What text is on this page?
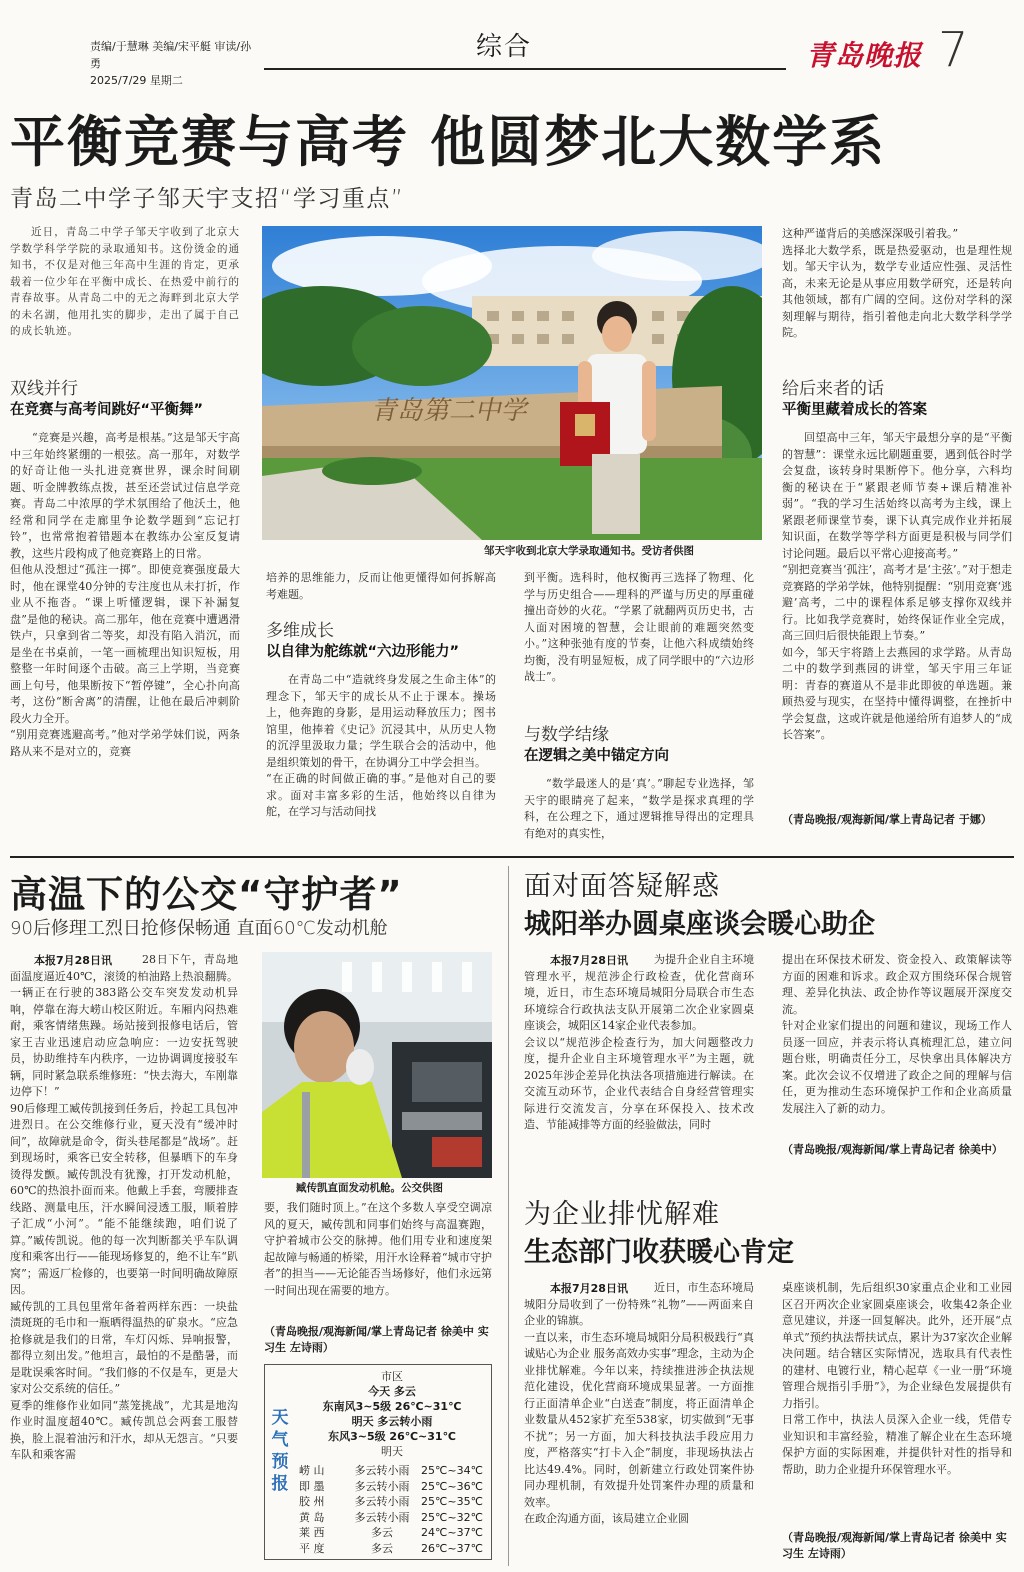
责编/于慧琳 美编/宋平艇 审读/孙勇
2025/7/29 星期二
综合	青岛晚报 7
平衡竞赛与高考 他圆梦北大数学系
青岛二中学子邹天宇支招“学习重点”
近日，青岛二中学子邹天宇收到了北京大学数学科学学院的录取通知书。这份烫金的通知书，不仅是对他三年高中生涯的肯定，更承载着一位少年在平衡中成长、在热爱中前行的青春故事。从青岛二中的无之海畔到北京大学的未名湖，他用扎实的脚步，走出了属于自己的成长轨迹。
双线并行
在竞赛与高考间跳好“平衡舞”
“竞赛是兴趣，高考是根基。”这是邹天宇高中三年始终紧绷的一根弦。高一那年，对数学的好奇让他一头扎进竞赛世界，课余时间刷题、听金牌教练点拨，甚至还尝试过信息学竞赛。青岛二中浓厚的学术氛围给了他沃土，他经常和同学在走廊里争论数学题到“忘记打铃”，也常常抱着错题本在教练办公室反复请教，这些片段构成了他竞赛路上的日常。
但他从没想过“孤注一掷”。即使竞赛强度最大时，他在课堂40分钟的专注度也从未打折，作业从不拖沓。“课上听懂逻辑，课下补漏复盘”是他的秘诀。高二那年，他在竞赛中遭遇滑铁卢，只拿到省二等奖，却没有陷入消沉，而是坐在书桌前，一笔一画梳理出知识短板，用整整一年时间逐个击破。高三上学期，当竞赛画上句号，他果断按下“暂停键”，全心扑向高考，这份“断舍离”的清醒，让他在最后冲刺阶段火力全开。
“别用竞赛逃避高考。”他对学弟学妹们说，两条路从来不是对立的，竞赛
青岛第二中学
邹天宇收到北京大学录取通知书。受访者供图
培养的思维能力，反而让他更懂得如何拆解高考难题。
多维成长
以自律为舵练就“六边形能力”
在青岛二中“造就终身发展之生命主体”的理念下，邹天宇的成长从不止于课本。操场上，他奔跑的身影，是用运动释放压力；图书馆里，他捧着《史记》沉浸其中，从历史人物的沉浮里汲取力量；学生联合会的活动中，他是组织策划的骨干，在协调分工中学会担当。
“在正确的时间做正确的事。”是他对自己的要求。面对丰富多彩的生活，他始终以自律为舵，在学习与活动间找
到平衡。选科时，他权衡再三选择了物理、化学与历史组合——理科的严谨与历史的厚重碰撞出奇妙的火花。“学累了就翻两页历史书，古人面对困境的智慧，会让眼前的难题突然变小。”这种张弛有度的节奏，让他六科成绩始终均衡，没有明显短板，成了同学眼中的“六边形战士”。
与数学结缘
在逻辑之美中锚定方向
“数学最迷人的是‘真’。”聊起专业选择，邹天宇的眼睛亮了起来，“数学是探求真理的学科，在公理之下，通过逻辑推导得出的定理具有绝对的真实性，
这种严谨背后的美感深深吸引着我。”
选择北大数学系，既是热爱驱动，也是理性规划。邹天宇认为，数学专业适应性强、灵活性高，未来无论是从事应用数学研究，还是转向其他领域，都有广阔的空间。这份对学科的深刻理解与期待，指引着他走向北大数学科学学院。
给后来者的话
平衡里藏着成长的答案
回望高中三年，邹天宇最想分享的是“平衡的智慧”：课堂永远比刷题重要，遇到低谷时学会复盘，该转身时果断停下。他分享，六科均衡的秘诀在于“紧跟老师节奏+课后精准补弱”。“我的学习生活始终以高考为主线，课上紧跟老师课堂节奏，课下认真完成作业并拓展知识面，在数学等学科方面更是积极与同学们讨论问题。最后以平常心迎接高考。”
“别把竞赛当‘孤注’，高考才是‘主弦’。”对于想走竞赛路的学弟学妹，他特别提醒：“别用竞赛‘逃避’高考，二中的课程体系足够支撑你双线并行。比如我学竞赛时，始终保证作业全完成，高三回归后很快能跟上节奏。”
如今，邹天宇将踏上去燕园的求学路。从青岛二中的数学到燕园的讲堂，邹天宇用三年证明：青春的赛道从不是非此即彼的单选题。兼顾热爱与现实，在坚持中懂得调整，在挫折中学会复盘，这或许就是他递给所有追梦人的“成长答案”。
（青岛晚报/观海新闻/掌上青岛记者 于娜）
高温下的公交“守护者”
90后修理工烈日抢修保畅通 直面60℃发动机舱
本报7月28日讯	28日下午，青岛地面温度逼近40℃，滚烫的柏油路上热浪翻腾。一辆正在行驶的383路公交车突发发动机异响，停靠在海大崂山校区附近。车厢内闷热难耐，乘客情绪焦躁。场站接到报修电话后，管家王吉业迅速启动应急响应：一边安抚驾驶员，协助维持车内秩序，一边协调调度接驳车辆，同时紧急联系维修班：“快去海大，车刚靠边停下！”
90后修理工臧传凯接到任务后，拎起工具包冲进烈日。在公交维修行业，夏天没有“缓冲时间”，故障就是命令，街头巷尾都是“战场”。赶到现场时，乘客已安全转移，但暴晒下的车身烫得发颤。臧传凯没有犹豫，打开发动机舱，60℃的热浪扑面而来。他戴上手套，弯腰排查线路、测量电压，汗水瞬间浸透工服，顺着脖子汇成“小河”。“能不能继续跑，咱们说了算。”臧传凯说。他的每一次判断都关乎车队调度和乘客出行——能现场修复的，绝不让车“趴窝”；需返厂检修的，也要第一时间明确故障原因。
臧传凯的工具包里常年备着两样东西：一块盐渍斑斑的毛巾和一瓶晒得温热的矿泉水。“应急抢修就是我们的日常，车灯闪烁、异响报警，都得立刻出发。”他坦言，最怕的不是酷暑，而是耽误乘客时间。“我们修的不仅是车，更是大家对公交系统的信任。”
夏季的维修作业如同“蒸笼挑战”，尤其是地沟作业时温度超40℃。臧传凯总会两套工服替换，脸上混着油污和汗水，却从无怨言。“只要车队和乘客需
臧传凯直面发动机舱。公交供图
要，我们随时顶上。”在这个多数人享受空调凉风的夏天，臧传凯和同事们始终与高温赛跑，守护着城市公交的脉搏。他们用专业和速度架起故障与畅通的桥梁，用汗水诠释着“城市守护者”的担当——无论能否当场修好，他们永远第一时间出现在需要的地方。
（青岛晚报/观海新闻/掌上青岛记者 徐美中 实习生 左诗雨）
天气预报
市区
今天 多云
东南风3~5级 26℃~31℃
明天 多云转小雨
东风3~5级 26℃~31℃
明天
崂 山	多云转小雨 25℃~34℃
即 墨	多云转小雨 25℃~36℃
胶 州	多云转小雨 25℃~35℃
黄 岛	多云转小雨 25℃~32℃
莱 西	多云	24℃~37℃
平 度	多云	26℃~37℃
面对面答疑解惑
城阳举办圆桌座谈会暖心助企
本报7月28日讯	为提升企业自主环境管理水平，规范涉企行政检查，优化营商环境，近日，市生态环境局城阳分局联合市生态环境综合行政执法支队开展第二次企业家圆桌座谈会，城阳区14家企业代表参加。
会议以“规范涉企检查行为，加大问题整改力度，提升企业自主环境管理水平”为主题，就2025年涉企差异化执法各项措施进行解读。在交流互动环节，企业代表结合自身经营管理实际进行交流发言，分享在环保投入、技术改造、节能减排等方面的经验做法，同时
提出在环保技术研发、资金投入、政策解读等方面的困难和诉求。政企双方围绕环保合规管理、差异化执法、政企协作等议题展开深度交流。
针对企业家们提出的问题和建议，现场工作人员逐一回应，并表示将认真梳理汇总，建立问题台账，明确责任分工，尽快拿出具体解决方案。此次会议不仅增进了政企之间的理解与信任，更为推动生态环境保护工作和企业高质量发展注入了新的动力。
（青岛晚报/观海新闻/掌上青岛记者 徐美中）
为企业排忧解难
生态部门收获暖心肯定
本报7月28日讯	近日，市生态环境局城阳分局收到了一份特殊“礼物”——两面来自企业的锦旗。
一直以来，市生态环境局城阳分局积极践行“真诚贴心为企业 服务高效办实事”理念，主动为企业排忧解难。今年以来，持续推进涉企执法规范化建设，优化营商环境成果显著。一方面推行正面清单企业“白送查”制度，将正面清单企业数量从452家扩充至538家，切实做到“无事不扰”；另一方面，加大科技执法手段应用力度，严格落实“打卡入企”制度，非现场执法占比达49.4%。同时，创新建立行政处罚案件协同办理机制，有效提升处罚案件办理的质量和效率。
在政企沟通方面，该局建立企业圆
桌座谈机制，先后组织30家重点企业和工业园区召开两次企业家圆桌座谈会，收集42条企业意见建议，并逐一回复解决。此外，还开展“点单式”预约执法帮扶试点，累计为37家次企业解决问题。结合辖区实际情况，选取具有代表性的建材、电镀行业，精心起草《一业一册“环境管理合规指引手册”》，为企业绿色发展提供有力指引。
日常工作中，执法人员深入企业一线，凭借专业知识和丰富经验，精准了解企业在生态环境保护方面的实际困难，并提供针对性的指导和帮助，助力企业提升环保管理水平。
（青岛晚报/观海新闻/掌上青岛记者 徐美中 实习生 左诗雨）
